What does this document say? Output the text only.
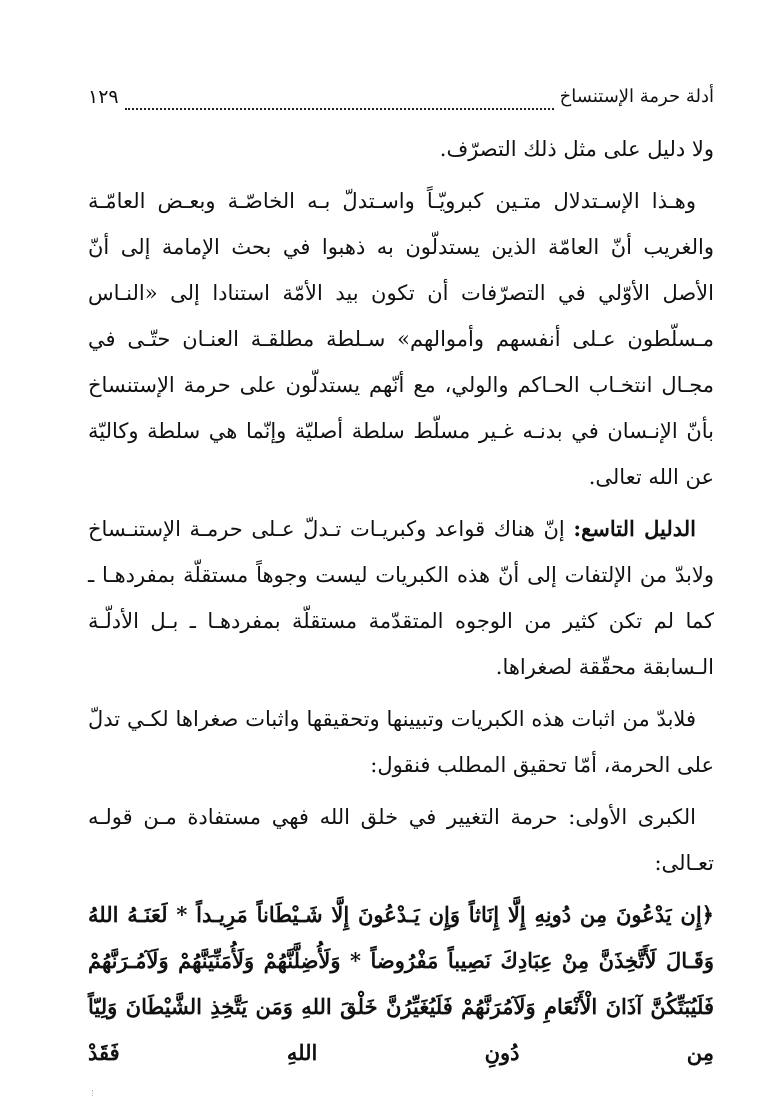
أدلة حرمة الإستنساخ
١٢٩

ولا دليل على مثل ذلك التصرّف.

وهـذا الإسـتدلال متـين كبرويّـاً واسـتدلّ بـه الخاصّـة وبعـض العامّـة والغريب أنّ العامّة الذين يستدلّون به ذهبوا في بحث الإمامة إلى أنّ الأصل الأوّلي في التصرّفات أن تكون بيد الأمّة استنادا إلى «النـاس مـسلّطون عـلى أنفسهم وأموالهم» سـلطة مطلقـة العنـان حتّـى في مجـال انتخـاب الحـاكم والولي، مع أنّهم يستدلّون على حرمة الإستنساخ بأنّ الإنـسان في بدنـه غـير مسلّط سلطة أصليّة وإنّما هي سلطة وكاليّة عن الله تعالى.

الدليل التاسع: إنّ هناك قواعد وكبريـات تـدلّ عـلى حرمـة الإستنـساخ ولابدّ من الإلتفات إلى أنّ هذه الكبريات ليست وجوهاً مستقلّة بمفردهـا ـ كما لم تكن كثير من الوجوه المتقدّمة مستقلّة بمفردهـا ـ بـل الأدلّـة الـسابقة محقّقة لصغراها.

فلابدّ من اثبات هذه الكبريات وتبيينها وتحقيقها واثبات صغراها لكـي تدلّ على الحرمة، أمّا تحقيق المطلب فنقول:

الكبرى الأولى: حرمة التغيير في خلق الله فهي مستفادة مـن قولـه تعـالى:

﴿إِن يَدْعُونَ مِن دُونِهِ إِلَّا إِنَاثاً وَإِن يَـدْعُونَ إِلَّا شَـيْطَاناً مَرِيـداً * لَعَنَـهُ اللهُ وَقَـالَ لَأَتَّخِذَنَّ مِنْ عِبَادِكَ نَصِيباً مَفْرُوضاً * وَلَأُضِلَّنَّهُمْ وَلَأُمَنِّيَنَّهُمْ وَلَآمُـرَنَّهُمْ فَلَيُبَتِّكُنَّ آذَانَ الْأَنْعَامِ وَلَآمُرَنَّهُمْ فَلَيُغَيِّرُنَّ خَلْقَ اللهِ وَمَن يَتَّخِذِ الشَّيْطَانَ وَلِيّاً مِن دُونِ اللهِ فَقَدْ
